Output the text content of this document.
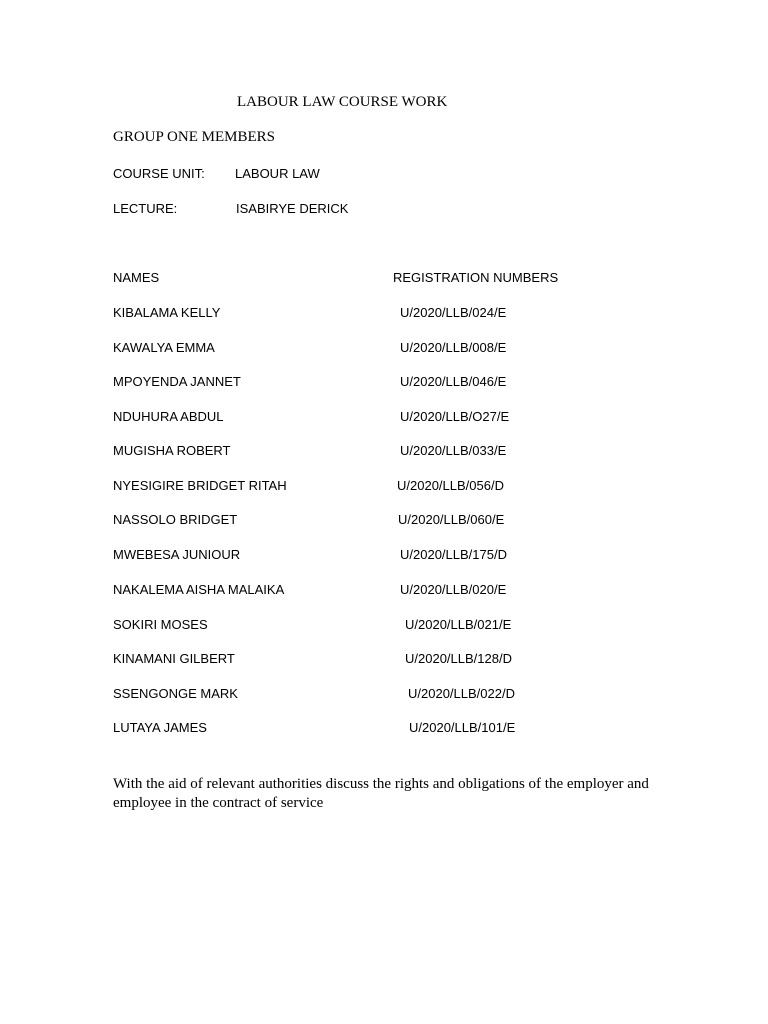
LABOUR LAW COURSE WORK
GROUP ONE MEMBERS
COURSE UNIT: LABOUR LAW
LECTURE:	ISABIRYE DERICK
NAMES	REGISTRATION NUMBERS
KIBALAMA KELLY	U/2020/LLB/024/E
KAWALYA EMMA	U/2020/LLB/008/E
MPOYENDA JANNET	U/2020/LLB/046/E
NDUHURA ABDUL	U/2020/LLB/O27/E
MUGISHA ROBERT	U/2020/LLB/033/E
NYESIGIRE BRIDGET RITAH	U/2020/LLB/056/D
NASSOLO BRIDGET	U/2020/LLB/060/E
MWEBESA JUNIOUR	U/2020/LLB/175/D
NAKALEMA AISHA MALAIKA	U/2020/LLB/020/E
SOKIRI MOSES	U/2020/LLB/021/E
KINAMANI GILBERT	U/2020/LLB/128/D
SSENGONGE MARK	U/2020/LLB/022/D
LUTAYA JAMES	U/2020/LLB/101/E
With the aid of relevant authorities discuss the rights and obligations of the employer and employee in the contract of service
